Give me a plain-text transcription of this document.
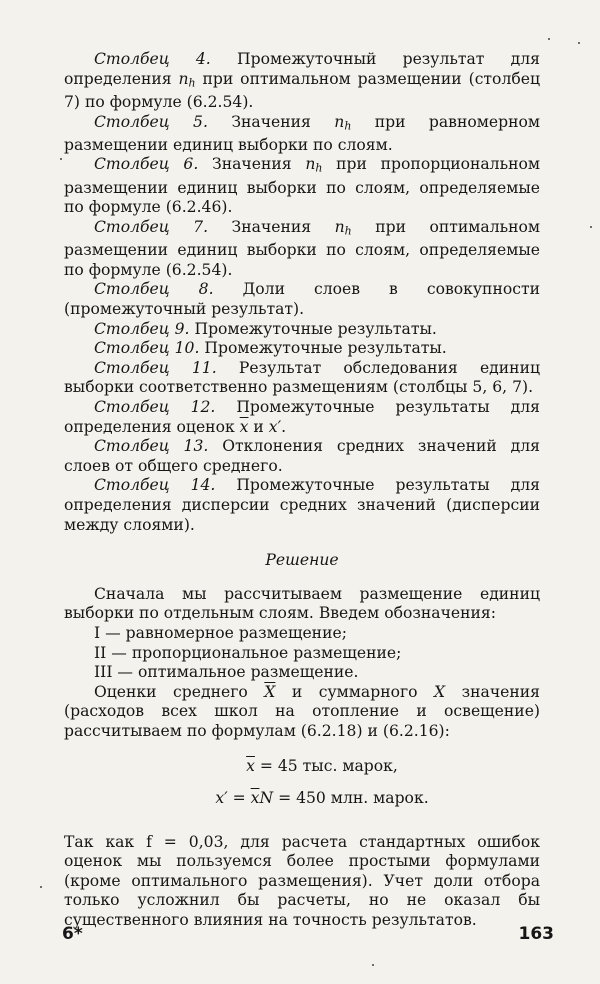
Столбец 4. Промежуточный результат для определения $n_h$ при оптимальном размещении (столбец 7) по формуле (6.2.54).

Столбец 5. Значения $n_h$ при равномерном размещении единиц выборки по слоям.

Столбец 6. Значения $n_h$ при пропорциональном размещении единиц выборки по слоям, определяемые по формуле (6.2.46).

Столбец 7. Значения $n_h$ при оптимальном размещении единиц выборки по слоям, определяемые по формуле (6.2.54).

Столбец 8. Доли слоев в совокупности (промежуточный результат).

Столбец 9. Промежуточные результаты.

Столбец 10. Промежуточные результаты.

Столбец 11. Результат обследования единиц выборки соответственно размещениям (столбцы 5, 6, 7).

Столбец 12. Промежуточные результаты для определения оценок $\overline{x}$ и x′.

Столбец 13. Отклонения средних значений для слоев от общего среднего.

Столбец 14. Промежуточные результаты для определения дисперсии средних значений (дисперсии между слоями).

Решение

Сначала мы рассчитываем размещение единиц выборки по отдельным слоям. Введем обозначения:

I — равномерное размещение;

II — пропорциональное размещение;

III — оптимальное размещение.

Оценки среднего $\overline{X}$ и суммарного X значения (расходов всех школ на отопление и освещение) рассчитываем по формулам (6.2.18) и (6.2.16):

$\overline{x} = 45$ тыс. марок,

$x' = \overline{x}N = 450$ млн. марок.

Так как f = 0,03, для расчета стандартных ошибок оценок мы пользуемся более простыми формулами (кроме оптимального размещения). Учет доли отбора только усложнил бы расчеты, но не оказал бы существенного влияния на точность результатов.

6*	163
